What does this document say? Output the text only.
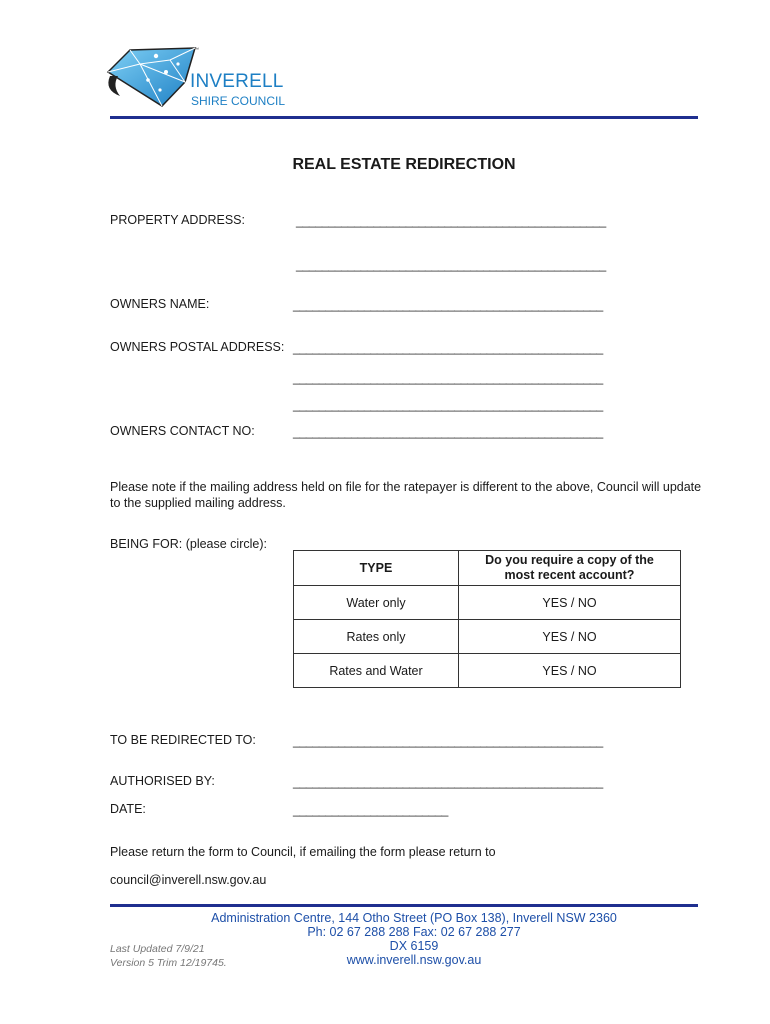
™
INVERELL
SHIRE COUNCIL
REAL ESTATE REDIRECTION
PROPERTY ADDRESS:	________________________________________________
________________________________________________
OWNERS NAME:	________________________________________________
OWNERS POSTAL ADDRESS: ________________________________________________
________________________________________________
________________________________________________
OWNERS CONTACT NO:	________________________________________________
Please note if the mailing address held on file for the ratepayer is different to the above, Council will update to the supplied mailing address.
BEING FOR: (please circle):
TYPE	Do you require a copy of the most recent account?
Water only	YES / NO
Rates only	YES / NO
Rates and Water	YES / NO
TO BE REDIRECTED TO:	________________________________________________
AUTHORISED BY:	________________________________________________
DATE:	________________________
Please return the form to Council, if emailing the form please return to
council@inverell.nsw.gov.au
Administration Centre, 144 Otho Street (PO Box 138), Inverell NSW 2360
Ph: 02 67 288 288 Fax: 02 67 288 277
DX 6159
www.inverell.nsw.gov.au
Last Updated 7/9/21
Version 5 Trim 12/19745.
